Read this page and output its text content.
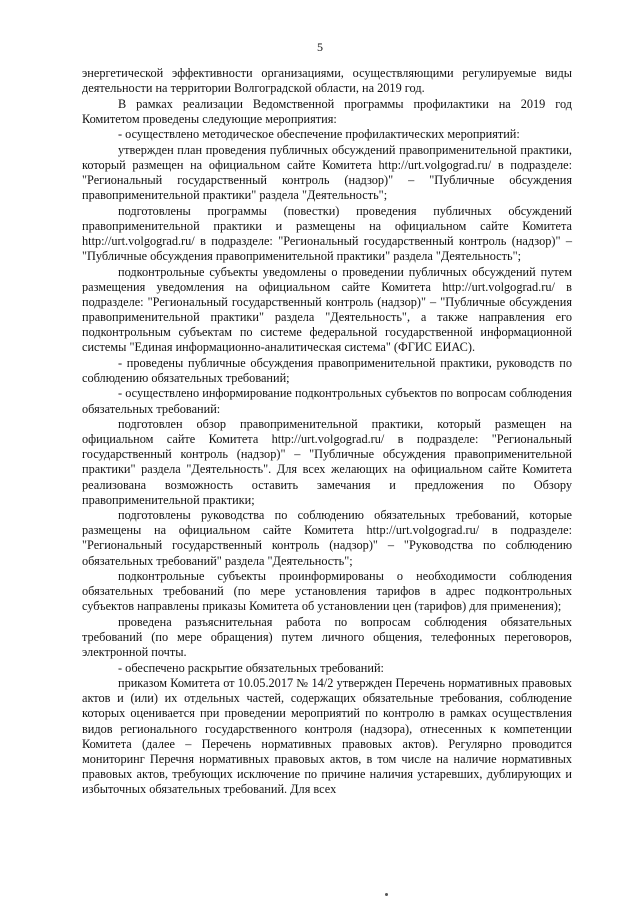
5

энергетической эффективности организациями, осуществляющими регулируемые виды деятельности на территории Волгоградской области, на 2019 год.

В рамках реализации Ведомственной программы профилактики на 2019 год Комитетом проведены следующие мероприятия:

- осуществлено методическое обеспечение профилактических мероприятий:

утвержден план проведения публичных обсуждений правоприменительной практики, который размещен на официальном сайте Комитета http://urt.volgograd.ru/ в подразделе: "Региональный государственный контроль (надзор)" – "Публичные обсуждения правоприменительной практики" раздела "Деятельность";

подготовлены программы (повестки) проведения публичных обсуждений правоприменительной практики и размещены на официальном сайте Комитета http://urt.volgograd.ru/ в подразделе: "Региональный государственный контроль (надзор)" – "Публичные обсуждения правоприменительной практики" раздела "Деятельность";

подконтрольные субъекты уведомлены о проведении публичных обсуждений путем размещения уведомления на официальном сайте Комитета http://urt.volgograd.ru/ в подразделе: "Региональный государственный контроль (надзор)" – "Публичные обсуждения правоприменительной практики" раздела "Деятельность", а также направления его подконтрольным субъектам по системе федеральной государственной информационной системы "Единая информационно-аналитическая система" (ФГИС ЕИАС).

- проведены публичные обсуждения правоприменительной практики, руководств по соблюдению обязательных требований;

- осуществлено информирование подконтрольных субъектов по вопросам соблюдения обязательных требований:

подготовлен обзор правоприменительной практики, который размещен на официальном сайте Комитета http://urt.volgograd.ru/ в подразделе: "Региональный государственный контроль (надзор)" – "Публичные обсуждения правоприменительной практики" раздела "Деятельность". Для всех желающих на официальном сайте Комитета реализована возможность оставить замечания и предложения по Обзору правоприменительной практики;

подготовлены руководства по соблюдению обязательных требований, которые размещены на официальном сайте Комитета http://urt.volgograd.ru/ в подразделе: "Региональный государственный контроль (надзор)" – "Руководства по соблюдению обязательных требований" раздела "Деятельность";

подконтрольные субъекты проинформированы о необходимости соблюдения обязательных требований (по мере установления тарифов в адрес подконтрольных субъектов направлены приказы Комитета об установлении цен (тарифов) для применения);

проведена разъяснительная работа по вопросам соблюдения обязательных требований (по мере обращения) путем личного общения, телефонных переговоров, электронной почты.

- обеспечено раскрытие обязательных требований:

приказом Комитета от 10.05.2017 № 14/2 утвержден Перечень нормативных правовых актов и (или) их отдельных частей, содержащих обязательные требования, соблюдение которых оценивается при проведении мероприятий по контролю в рамках осуществления видов регионального государственного контроля (надзора), отнесенных к компетенции Комитета (далее – Перечень нормативных правовых актов). Регулярно проводится мониторинг Перечня нормативных правовых актов, в том числе на наличие нормативных правовых актов, требующих исключение по причине наличия устаревших, дублирующих и избыточных обязательных требований. Для всех
